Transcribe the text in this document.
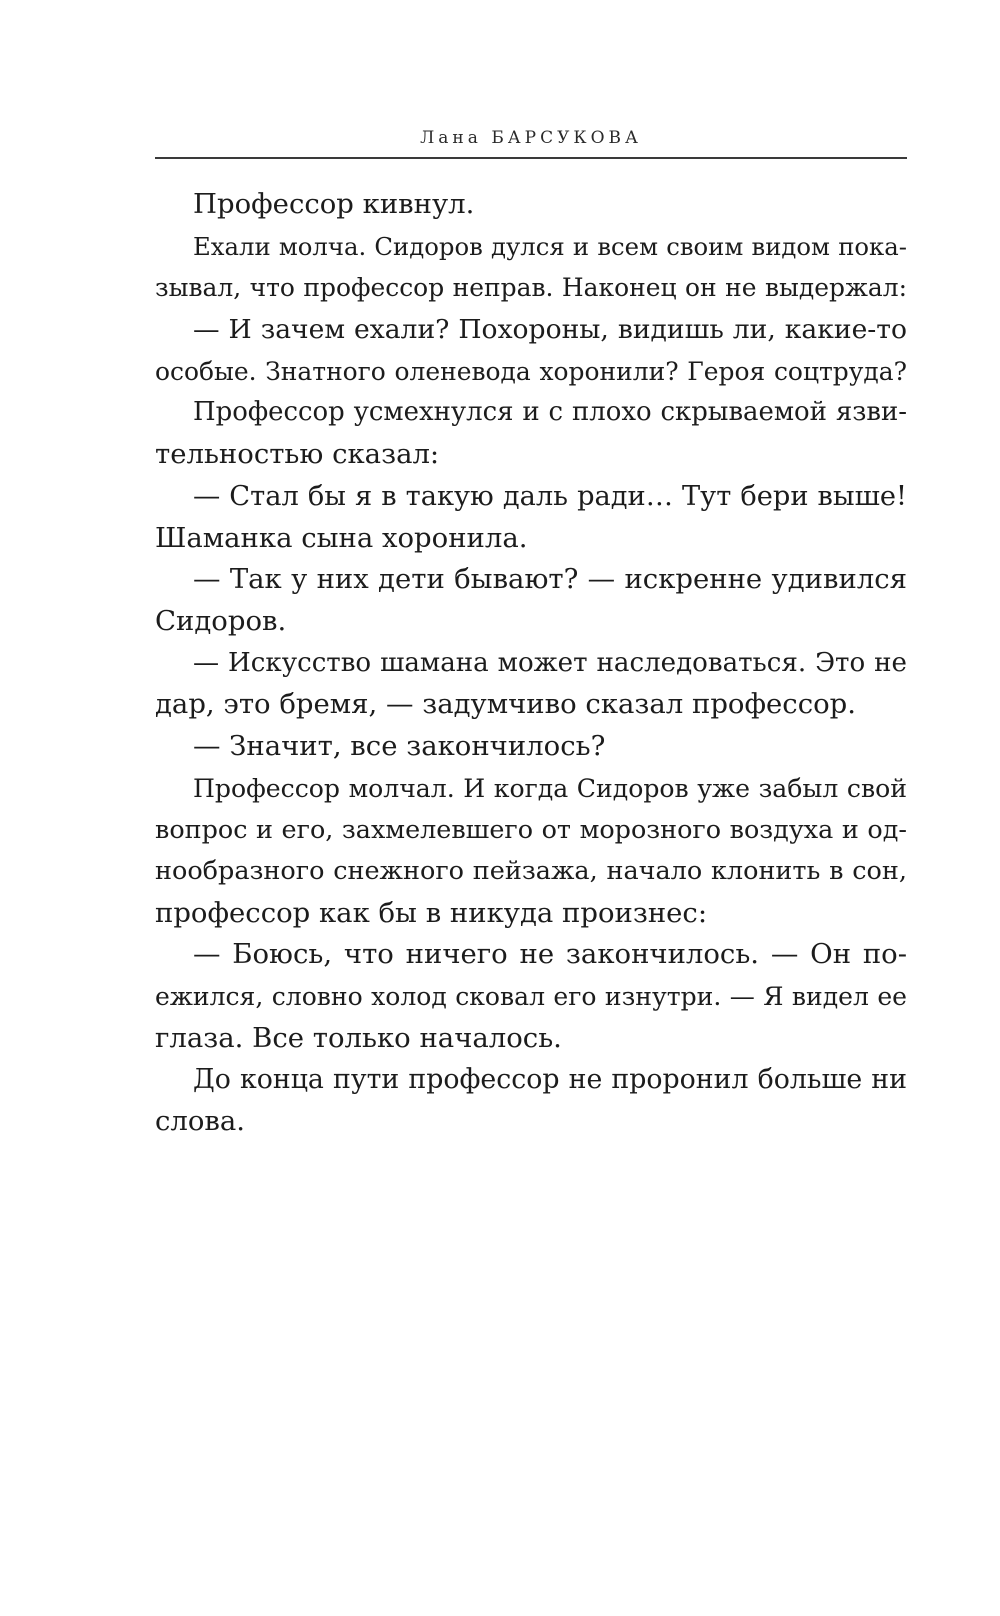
Лана БАРСУКОВА
Профессор кивнул.
Ехали молча. Сидоров дулся и всем своим видом пока-
зывал, что профессор неправ. Наконец он не выдержал:
— И зачем ехали? Похороны, видишь ли, какие-то
особые. Знатного оленевода хоронили? Героя соцтруда?
Профессор усмехнулся и с плохо скрываемой язви-
тельностью сказал:
— Стал бы я в такую даль ради… Тут бери выше!
Шаманка сына хоронила.
— Так у них дети бывают? — искренне удивился
Сидоров.
— Искусство шамана может наследоваться. Это не
дар, это бремя, — задумчиво сказал профессор.
— Значит, все закончилось?
Профессор молчал. И когда Сидоров уже забыл свой
вопрос и его, захмелевшего от морозного воздуха и од-
нообразного снежного пейзажа, начало клонить в сон,
профессор как бы в никуда произнес:
— Боюсь, что ничего не закончилось. — Он по-
ежился, словно холод сковал его изнутри. — Я видел ее
глаза. Все только началось.
До конца пути профессор не проронил больше ни
слова.
